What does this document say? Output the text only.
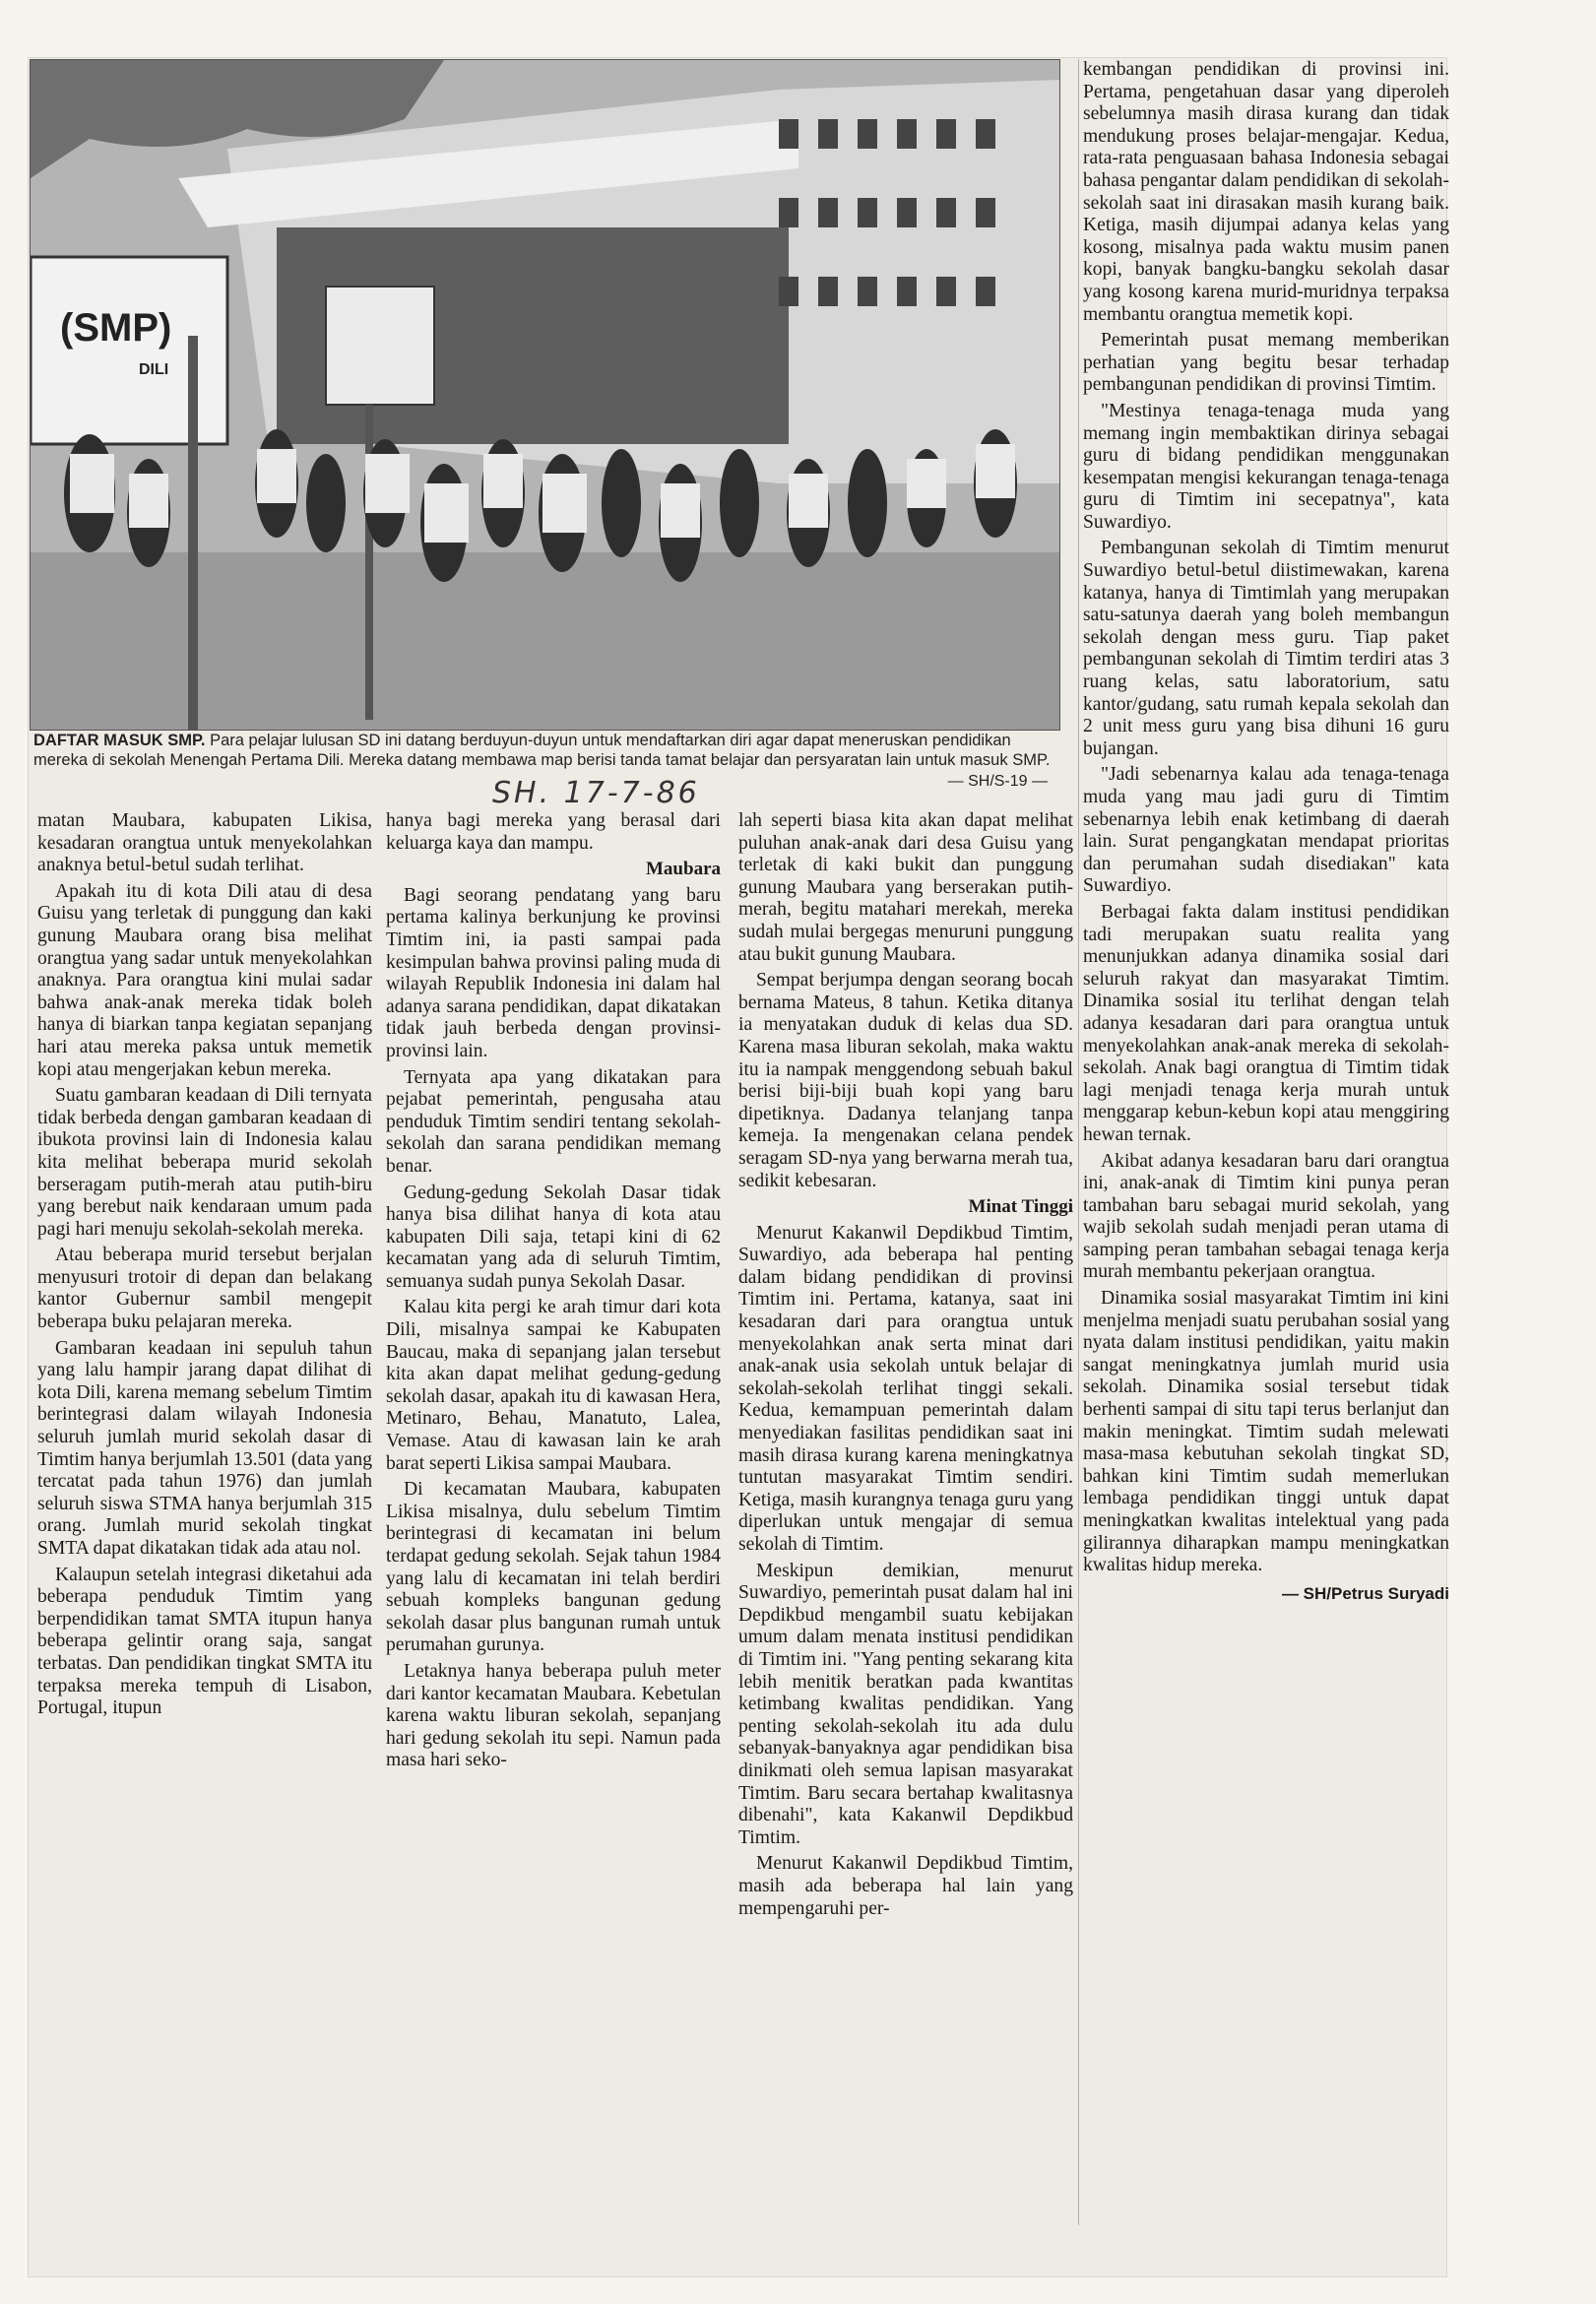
(SMP)
DILI
DAFTAR MASUK SMP. Para pelajar lulusan SD ini datang berduyun-duyun untuk mendaftarkan diri agar dapat meneruskan pendidikan mereka di sekolah Menengah Pertama Dili. Mereka datang membawa map berisi tanda tamat belajar dan persyaratan lain untuk masuk SMP.
— SH/S-19 —
SH. 17-7-86

matan Maubara, kabupaten Likisa, kesadaran orangtua untuk menyekolahkan anaknya betul-betul sudah terlihat.

Apakah itu di kota Dili atau di desa Guisu yang terletak di punggung dan kaki gunung Maubara orang bisa melihat orangtua yang sadar untuk menyekolahkan anaknya. Para orangtua kini mulai sadar bahwa anak-anak mereka tidak boleh hanya di biarkan tanpa kegiatan sepanjang hari atau mereka paksa untuk memetik kopi atau mengerjakan kebun mereka.

Suatu gambaran keadaan di Dili ternyata tidak berbeda dengan gambaran keadaan di ibukota provinsi lain di Indonesia kalau kita melihat beberapa murid sekolah berseragam putih-merah atau putih-biru yang berebut naik kendaraan umum pada pagi hari menuju sekolah-sekolah mereka.

Atau beberapa murid tersebut berjalan menyusuri trotoir di depan dan belakang kantor Gubernur sambil mengepit beberapa buku pelajaran mereka.

Gambaran keadaan ini sepuluh tahun yang lalu hampir jarang dapat dilihat di kota Dili, karena memang sebelum Timtim berintegrasi dalam wilayah Indonesia seluruh jumlah murid sekolah dasar di Timtim hanya berjumlah 13.501 (data yang tercatat pada tahun 1976) dan jumlah seluruh siswa STMA hanya berjumlah 315 orang. Jumlah murid sekolah tingkat SMTA dapat dikatakan tidak ada atau nol.

Kalaupun setelah integrasi diketahui ada beberapa penduduk Timtim yang berpendidikan tamat SMTA itupun hanya beberapa gelintir orang saja, sangat terbatas. Dan pendidikan tingkat SMTA itu terpaksa mereka tempuh di Lisabon, Portugal, itupun

hanya bagi mereka yang berasal dari keluarga kaya dan mampu.

Maubara

Bagi seorang pendatang yang baru pertama kalinya berkunjung ke provinsi Timtim ini, ia pasti sampai pada kesimpulan bahwa provinsi paling muda di wilayah Republik Indonesia ini dalam hal adanya sarana pendidikan, dapat dikatakan tidak jauh berbeda dengan provinsi-provinsi lain.

Ternyata apa yang dikatakan para pejabat pemerintah, pengusaha atau penduduk Timtim sendiri tentang sekolah-sekolah dan sarana pendidikan memang benar.

Gedung-gedung Sekolah Dasar tidak hanya bisa dilihat hanya di kota atau kabupaten Dili saja, tetapi kini di 62 kecamatan yang ada di seluruh Timtim, semuanya sudah punya Sekolah Dasar.

Kalau kita pergi ke arah timur dari kota Dili, misalnya sampai ke Kabupaten Baucau, maka di sepanjang jalan tersebut kita akan dapat melihat gedung-gedung sekolah dasar, apakah itu di kawasan Hera, Metinaro, Behau, Manatuto, Lalea, Vemase. Atau di kawasan lain ke arah barat seperti Likisa sampai Maubara.

Di kecamatan Maubara, kabupaten Likisa misalnya, dulu sebelum Timtim berintegrasi di kecamatan ini belum terdapat gedung sekolah. Sejak tahun 1984 yang lalu di kecamatan ini telah berdiri sebuah kompleks bangunan gedung sekolah dasar plus bangunan rumah untuk perumahan gurunya.

Letaknya hanya beberapa puluh meter dari kantor kecamatan Maubara. Kebetulan karena waktu liburan sekolah, sepanjang hari gedung sekolah itu sepi. Namun pada masa hari seko-

lah seperti biasa kita akan dapat melihat puluhan anak-anak dari desa Guisu yang terletak di kaki bukit dan punggung gunung Maubara yang berserakan putih-merah, begitu matahari merekah, mereka sudah mulai bergegas menuruni punggung atau bukit gunung Maubara.

Sempat berjumpa dengan seorang bocah bernama Mateus, 8 tahun. Ketika ditanya ia menyatakan duduk di kelas dua SD. Karena masa liburan sekolah, maka waktu itu ia nampak menggendong sebuah bakul berisi biji-biji buah kopi yang baru dipetiknya. Dadanya telanjang tanpa kemeja. Ia mengenakan celana pendek seragam SD-nya yang berwarna merah tua, sedikit kebesaran.

Minat Tinggi

Menurut Kakanwil Depdikbud Timtim, Suwardiyo, ada beberapa hal penting dalam bidang pendidikan di provinsi Timtim ini. Pertama, katanya, saat ini kesadaran dari para orangtua untuk menyekolahkan anak serta minat dari anak-anak usia sekolah untuk belajar di sekolah-sekolah terlihat tinggi sekali. Kedua, kemampuan pemerintah dalam menyediakan fasilitas pendidikan saat ini masih dirasa kurang karena meningkatnya tuntutan masyarakat Timtim sendiri. Ketiga, masih kurangnya tenaga guru yang diperlukan untuk mengajar di semua sekolah di Timtim.

Meskipun demikian, menurut Suwardiyo, pemerintah pusat dalam hal ini Depdikbud mengambil suatu kebijakan umum dalam menata institusi pendidikan di Timtim ini. "Yang penting sekarang kita lebih menitik beratkan pada kwantitas ketimbang kwalitas pendidikan. Yang penting sekolah-sekolah itu ada dulu sebanyak-banyaknya agar pendidikan bisa dinikmati oleh semua lapisan masyarakat Timtim. Baru secara bertahap kwalitasnya dibenahi", kata Kakanwil Depdikbud Timtim.

Menurut Kakanwil Depdikbud Timtim, masih ada beberapa hal lain yang mempengaruhi per-

kembangan pendidikan di provinsi ini. Pertama, pengetahuan dasar yang diperoleh sebelumnya masih dirasa kurang dan tidak mendukung proses belajar-mengajar. Kedua, rata-rata penguasaan bahasa Indonesia sebagai bahasa pengantar dalam pendidikan di sekolah-sekolah saat ini dirasakan masih kurang baik. Ketiga, masih dijumpai adanya kelas yang kosong, misalnya pada waktu musim panen kopi, banyak bangku-bangku sekolah dasar yang kosong karena murid-muridnya terpaksa membantu orangtua memetik kopi.

Pemerintah pusat memang memberikan perhatian yang begitu besar terhadap pembangunan pendidikan di provinsi Timtim.

"Mestinya tenaga-tenaga muda yang memang ingin membaktikan dirinya sebagai guru di bidang pendidikan menggunakan kesempatan mengisi kekurangan tenaga-tenaga guru di Timtim ini secepatnya", kata Suwardiyo.

Pembangunan sekolah di Timtim menurut Suwardiyo betul-betul diistimewakan, karena katanya, hanya di Timtimlah yang merupakan satu-satunya daerah yang boleh membangun sekolah dengan mess guru. Tiap paket pembangunan sekolah di Timtim terdiri atas 3 ruang kelas, satu laboratorium, satu kantor/gudang, satu rumah kepala sekolah dan 2 unit mess guru yang bisa dihuni 16 guru bujangan.

"Jadi sebenarnya kalau ada tenaga-tenaga muda yang mau jadi guru di Timtim sebenarnya lebih enak ketimbang di daerah lain. Surat pengangkatan mendapat prioritas dan perumahan sudah disediakan" kata Suwardiyo.

Berbagai fakta dalam institusi pendidikan tadi merupakan suatu realita yang menunjukkan adanya dinamika sosial dari seluruh rakyat dan masyarakat Timtim. Dinamika sosial itu terlihat dengan telah adanya kesadaran dari para orangtua untuk menyekolahkan anak-anak mereka di sekolah-sekolah. Anak bagi orangtua di Timtim tidak lagi menjadi tenaga kerja murah untuk menggarap kebun-kebun kopi atau menggiring hewan ternak.

Akibat adanya kesadaran baru dari orangtua ini, anak-anak di Timtim kini punya peran tambahan baru sebagai murid sekolah, yang wajib sekolah sudah menjadi peran utama di samping peran tambahan sebagai tenaga kerja murah membantu pekerjaan orangtua.

Dinamika sosial masyarakat Timtim ini kini menjelma menjadi suatu perubahan sosial yang nyata dalam institusi pendidikan, yaitu makin sangat meningkatnya jumlah murid usia sekolah. Dinamika sosial tersebut tidak berhenti sampai di situ tapi terus berlanjut dan makin meningkat. Timtim sudah melewati masa-masa kebutuhan sekolah tingkat SD, bahkan kini Timtim sudah memerlukan lembaga pendidikan tinggi untuk dapat meningkatkan kwalitas intelektual yang pada gilirannya diharapkan mampu meningkatkan kwalitas hidup mereka.

— SH/Petrus Suryadi
